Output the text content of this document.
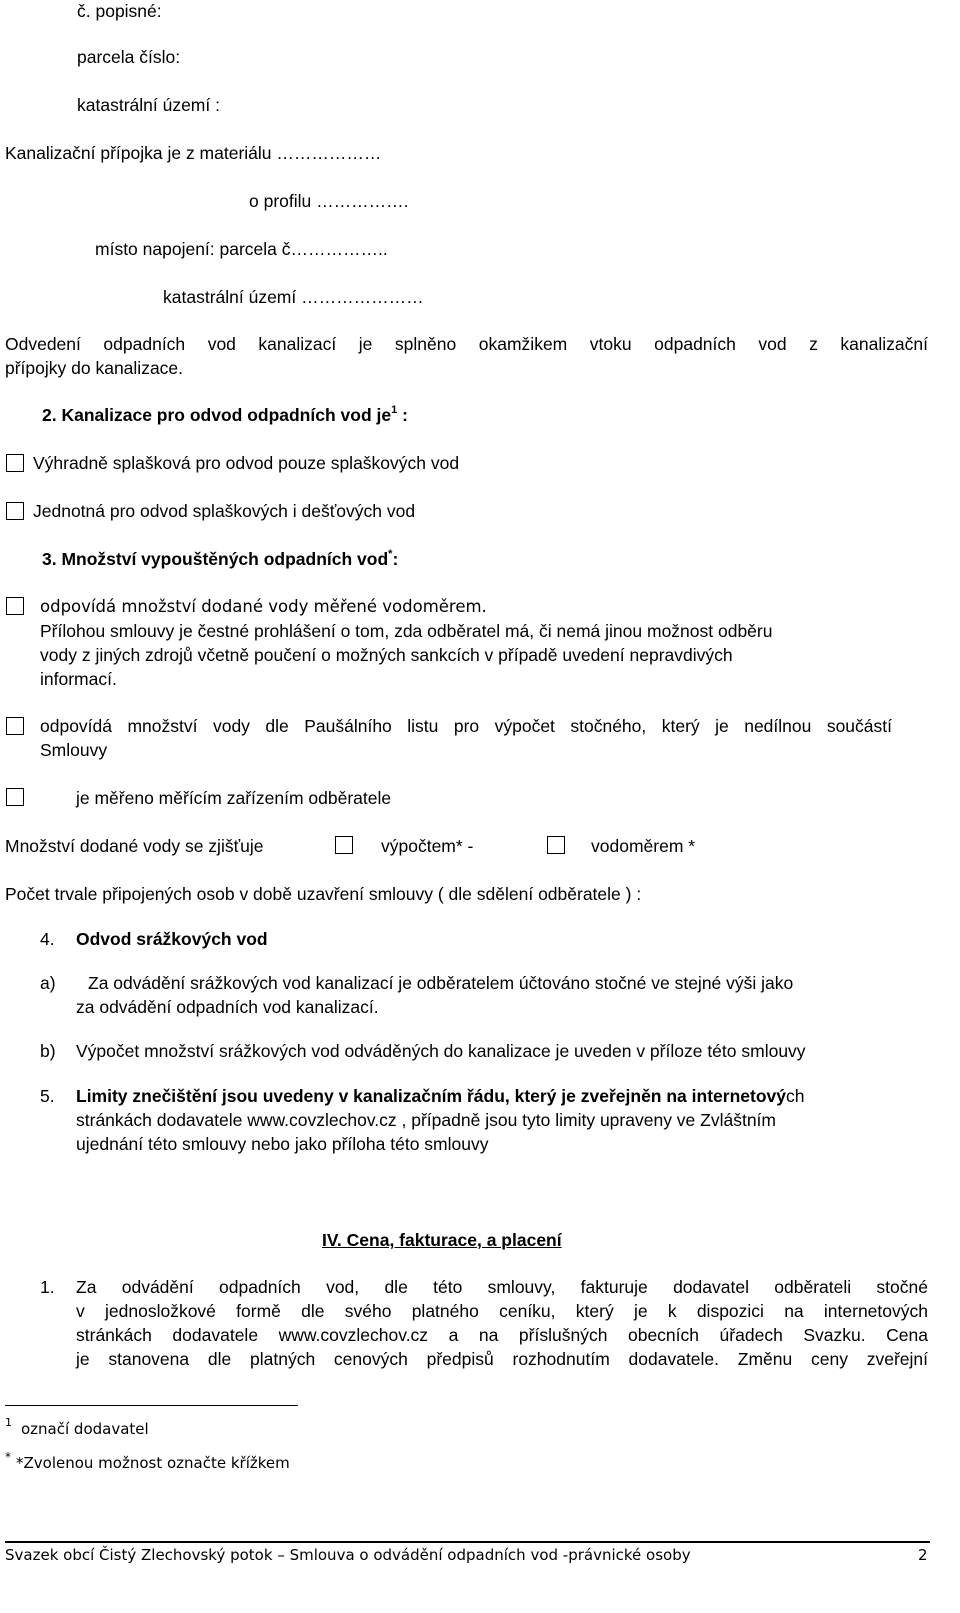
č. popisné:
parcela číslo:
katastrální území :
Kanalizační přípojka je z materiálu ………………
o profilu …………….
místo napojení: parcela č……………..
katastrální území …………………
Odvedení odpadních vod kanalizací je splněno okamžikem vtoku odpadních vod z kanalizační
přípojky do kanalizace.
2. Kanalizace pro odvod odpadních vod $je^1$ :
Výhradně splašková pro odvod pouze splaškových vod
Jednotná pro odvod splaškových i dešťových vod
3. Množství vypouštěných odpadních vod*:
odpovídá množství dodané vody měřené vodoměrem.
Přílohou smlouvy je čestné prohlášení o tom, zda odběratel má, či nemá jinou možnost odběru
vody z jiných zdrojů včetně poučení o možných sankcích v případě uvedení nepravdivých
informací.
odpovídá množství vody dle Paušálního listu pro výpočet stočného, který je nedílnou součástí
Smlouvy
je měřeno měřícím zařízením odběratele
Množství dodané vody se zjišťuje	výpočtem* -	vodoměrem *
Počet trvale připojených osob v době uzavření smlouvy ( dle sdělení odběratele ) :
4. Odvod srážkových vod
a) Za odvádění srážkových vod kanalizací je odběratelem účtováno stočné ve stejné výši jako
za odvádění odpadních vod kanalizací.
b) Výpočet množství srážkových vod odváděných do kanalizace je uveden v příloze této smlouvy
5. Limity znečištění jsou uvedeny v kanalizačním řádu, který je zveřejněn na internetových
stránkách dodavatele www.covzlechov.cz , případně jsou tyto limity upraveny ve Zvláštním
ujednání této smlouvy nebo jako příloha této smlouvy
IV. Cena, fakturace, a placení
1. Za odvádění odpadních vod, dle této smlouvy, fakturuje dodavatel odběrateli stočné
v jednosložkové formě dle svého platného ceníku, který je k dispozici na internetových
stránkách dodavatele www.covzlechov.cz a na příslušných obecních úřadech Svazku. Cena
je stanovena dle platných cenových předpisů rozhodnutím dodavatele. Změnu ceny zveřejní
1 označí dodavatel
* *Zvolenou možnost označte křížkem
Svazek obcí Čistý Zlechovský potok – Smlouva o odvádění odpadních vod -právnické osoby	2
